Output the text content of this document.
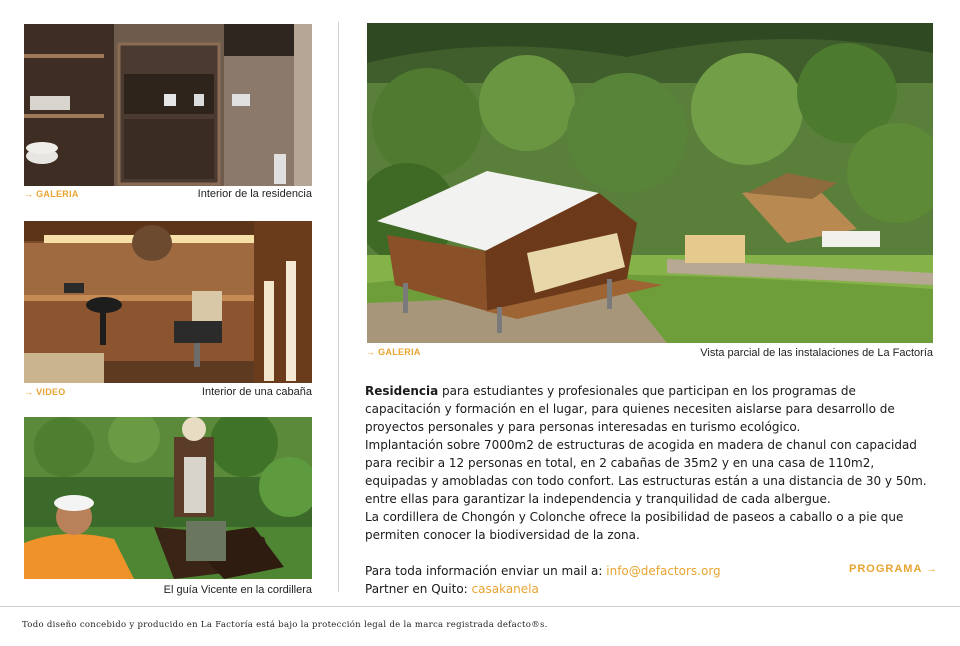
→ GALERIA	Interior de la residencia
→ VIDEO	Interior de una cabaña
El guía Vicente en la cordillera
→ GALERIA	Vista parcial de las instalaciones de La Factoría

Residencia para estudiantes y profesionales que participan en los programas de capacitación y formación en el lugar, para quienes necesiten aislarse para desarrollo de proyectos personales y para personas interesadas en turismo ecológico.

Implantación sobre 7000m2 de estructuras de acogida en madera de chanul con capacidad para recibir a 12 personas en total, en 2 cabañas de 35m2 y en una casa de 110m2, equipadas y amobladas con todo confort. Las estructuras están a una distancia de 30 y 50m. entre ellas para garantizar la independencia y tranquilidad de cada albergue.

La cordillera de Chongón y Colonche ofrece la posibilidad de paseos a caballo o a pie que permiten conocer la biodiversidad de la zona.

Para toda información enviar un mail a: info@defactors.org
Partner en Quito: casakanela
PROGRAMA →
Todo diseño concebido y producido en La Factoría está bajo la protección legal de la marca registrada defacto®s.
